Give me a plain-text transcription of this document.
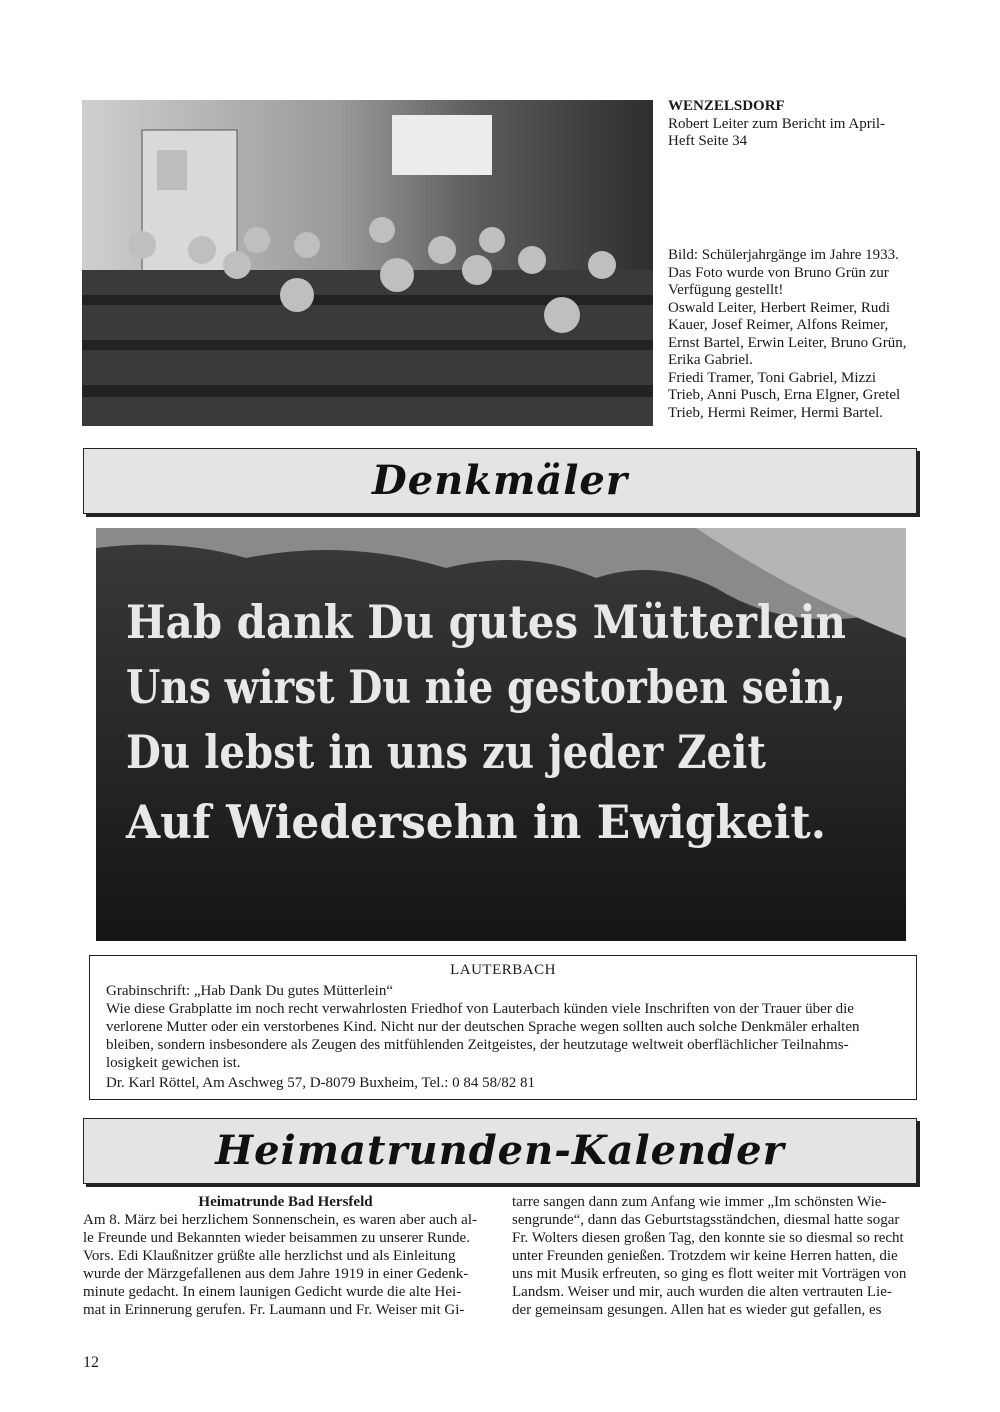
WENZELSDORF

Robert Leiter zum Bericht im April-

Heft Seite 34

Bild: Schülerjahrgänge im Jahre 1933.

Das Foto wurde von Bruno Grün zur

Verfügung gestellt!

Oswald Leiter, Herbert Reimer, Rudi

Kauer, Josef Reimer, Alfons Reimer,

Ernst Bartel, Erwin Leiter, Bruno Grün,

Erika Gabriel.

Friedi Tramer, Toni Gabriel, Mizzi

Trieb, Anni Pusch, Erna Elgner, Gretel

Trieb, Hermi Reimer, Hermi Bartel.

Denkmäler
Hab dank Du gutes Mütterlein
Uns wirst Du nie gestorben sein,
Du lebst in uns zu jeder Zeit
Auf Wiedersehn in Ewigkeit.
LAUTERBACH

Grabinschrift: „Hab Dank Du gutes Mütterlein“

Wie diese Grabplatte im noch recht verwahrlosten Friedhof von Lauterbach künden viele Inschriften von der Trauer über die

verlorene Mutter oder ein verstorbenes Kind. Nicht nur der deutschen Sprache wegen sollten auch solche Denkmäler erhalten

bleiben, sondern insbesondere als Zeugen des mitfühlenden Zeitgeistes, der heutzutage weltweit oberflächlicher Teilnahms-

losigkeit gewichen ist.

Dr. Karl Röttel, Am Aschweg 57, D-8079 Buxheim, Tel.: 0 84 58/82 81
Heimatrunden-Kalender
Heimatrunde Bad Hersfeld
Am 8. März bei herzlichem Sonnenschein, es waren aber auch al-
le Freunde und Bekannten wieder beisammen zu unserer Runde.
Vors. Edi Klaußnitzer grüßte alle herzlichst und als Einleitung
wurde der Märzgefallenen aus dem Jahre 1919 in einer Gedenk-
minute gedacht. In einem launigen Gedicht wurde die alte Hei-
mat in Erinnerung gerufen. Fr. Laumann und Fr. Weiser mit Gi-
tarre sangen dann zum Anfang wie immer „Im schönsten Wie-
sengrunde“, dann das Geburtstagsständchen, diesmal hatte sogar
Fr. Wolters diesen großen Tag, den konnte sie so diesmal so recht
unter Freunden genießen. Trotzdem wir keine Herren hatten, die
uns mit Musik erfreuten, so ging es flott weiter mit Vorträgen von
Landsm. Weiser und mir, auch wurden die alten vertrauten Lie-
der gemeinsam gesungen. Allen hat es wieder gut gefallen, es
12
